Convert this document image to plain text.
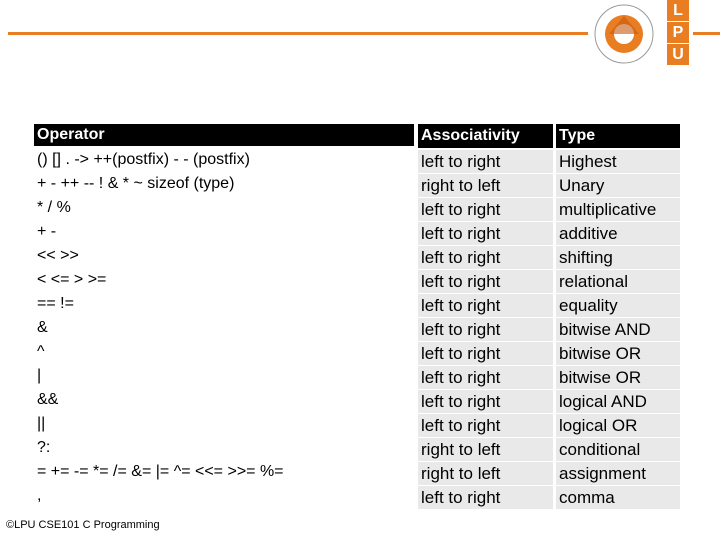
L
P
U
Operator
() [] . -> ++(postfix) - - (postfix)
+ - ++ -- ! & * ~ sizeof (type)
* / %
+ -
<< >>
< <= > >=
== !=
&
^
|
&&
||
?:
= += -= *= /= &= |= ^= <<= >>= %=
,
Associativity
left to right
right to left
left to right
left to right
left to right
left to right
left to right
left to right
left to right
left to right
left to right
left to right
right to left
right to left
left to right
Type
Highest
Unary
multiplicative
additive
shifting
relational
equality
bitwise AND
bitwise OR
bitwise OR
logical AND
logical OR
conditional
assignment
comma
©LPU CSE101 C Programming
